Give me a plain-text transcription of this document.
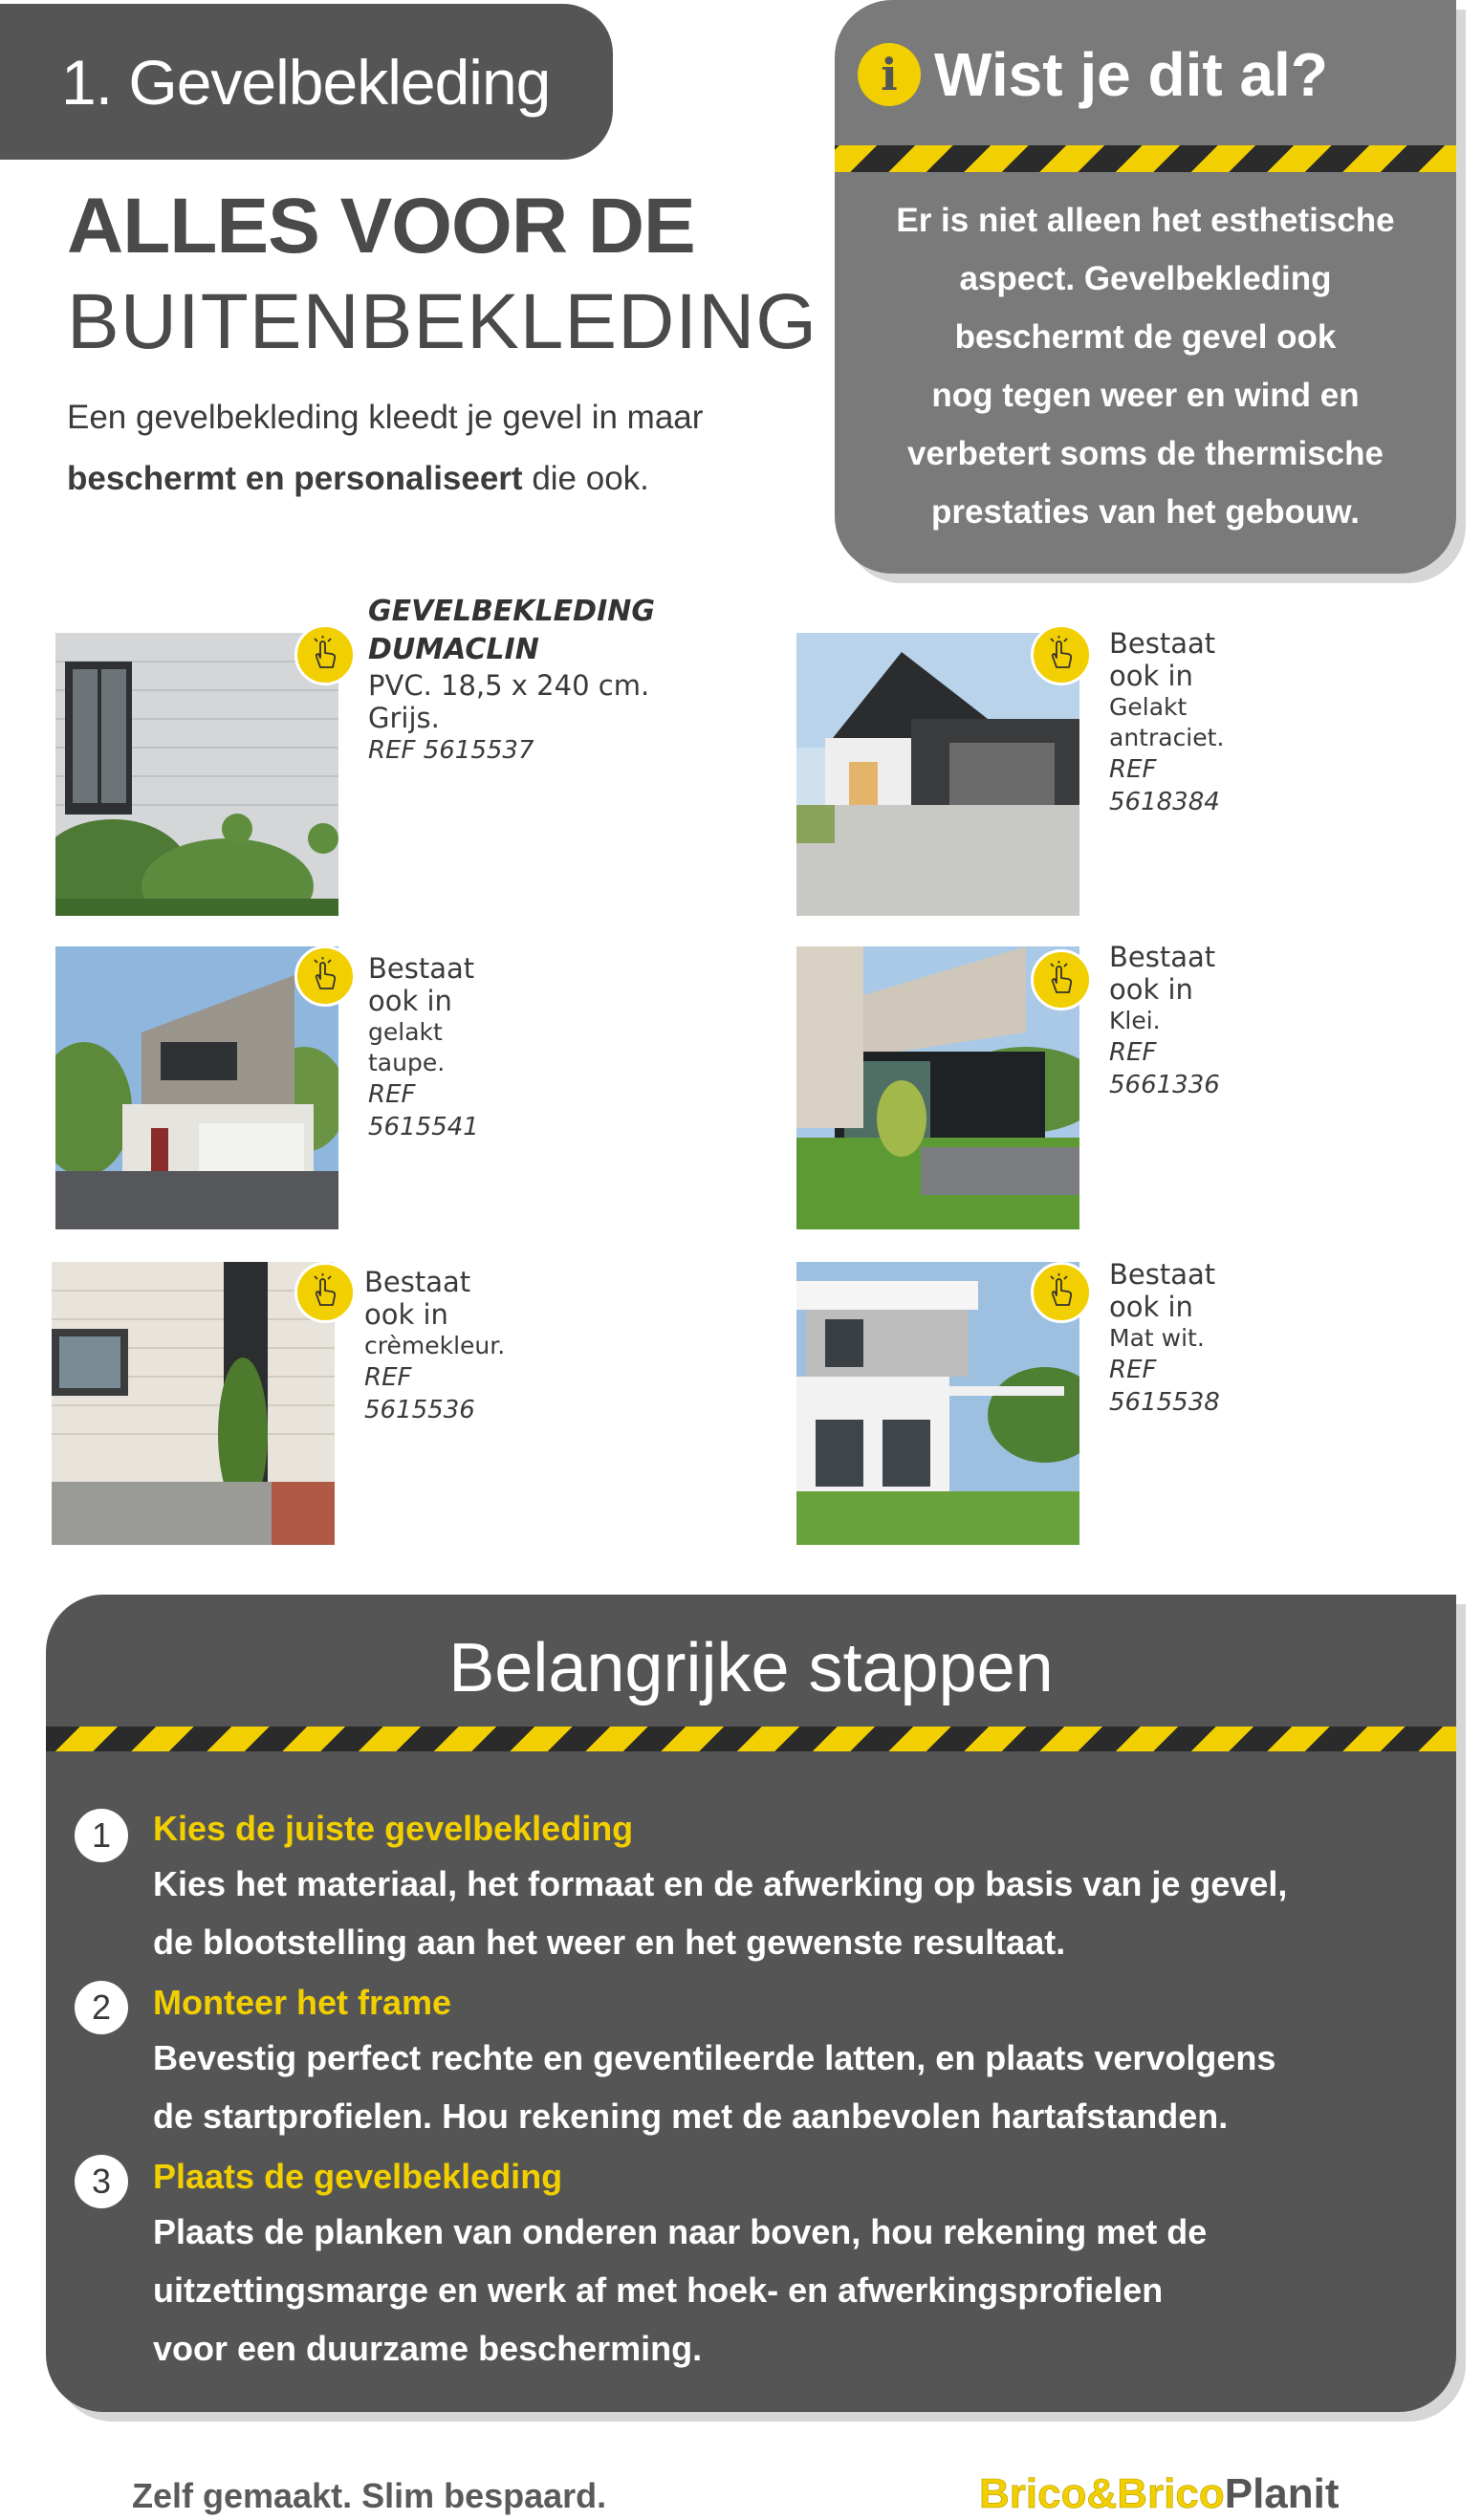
1. Gevelbekleding
ALLES VOOR DE
BUITENBEKLEDING
Een gevelbekleding kleedt je gevel in maar
beschermt en personaliseert die ook.
i Wist je dit al?
Er is niet alleen het esthetische
aspect. Gevelbekleding
beschermt de gevel ook
nog tegen weer en wind en
verbetert soms de thermische
prestaties van het gebouw.
GEVELBEKLEDING
DUMACLIN
PVC. 18,5 x 240 cm.
Grijs.
REF 5615537
Bestaat ook in
Gelakt antraciet.
REF 5618384
Bestaat ook in
gelakt taupe.
REF 5615541
Bestaat ook in
Klei.
REF 5661336
Bestaat ook in
crèmekleur.
REF 5615536
Bestaat ook in
Mat wit.
REF 5615538
Belangrijke stappen
1	Kies de juiste gevelbekleding
Kies het materiaal, het formaat en de afwerking op basis van je gevel,
de blootstelling aan het weer en het gewenste resultaat.
2	Monteer het frame
Bevestig perfect rechte en geventileerde latten, en plaats vervolgens
de startprofielen. Hou rekening met de aanbevolen hartafstanden.
3	Plaats de gevelbekleding
Plaats de planken van onderen naar boven, hou rekening met de
uitzettingsmarge en werk af met hoek- en afwerkingsprofielen
voor een duurzame bescherming.
Zelf gemaakt. Slim bespaard.	Brico&BricoPlanit
